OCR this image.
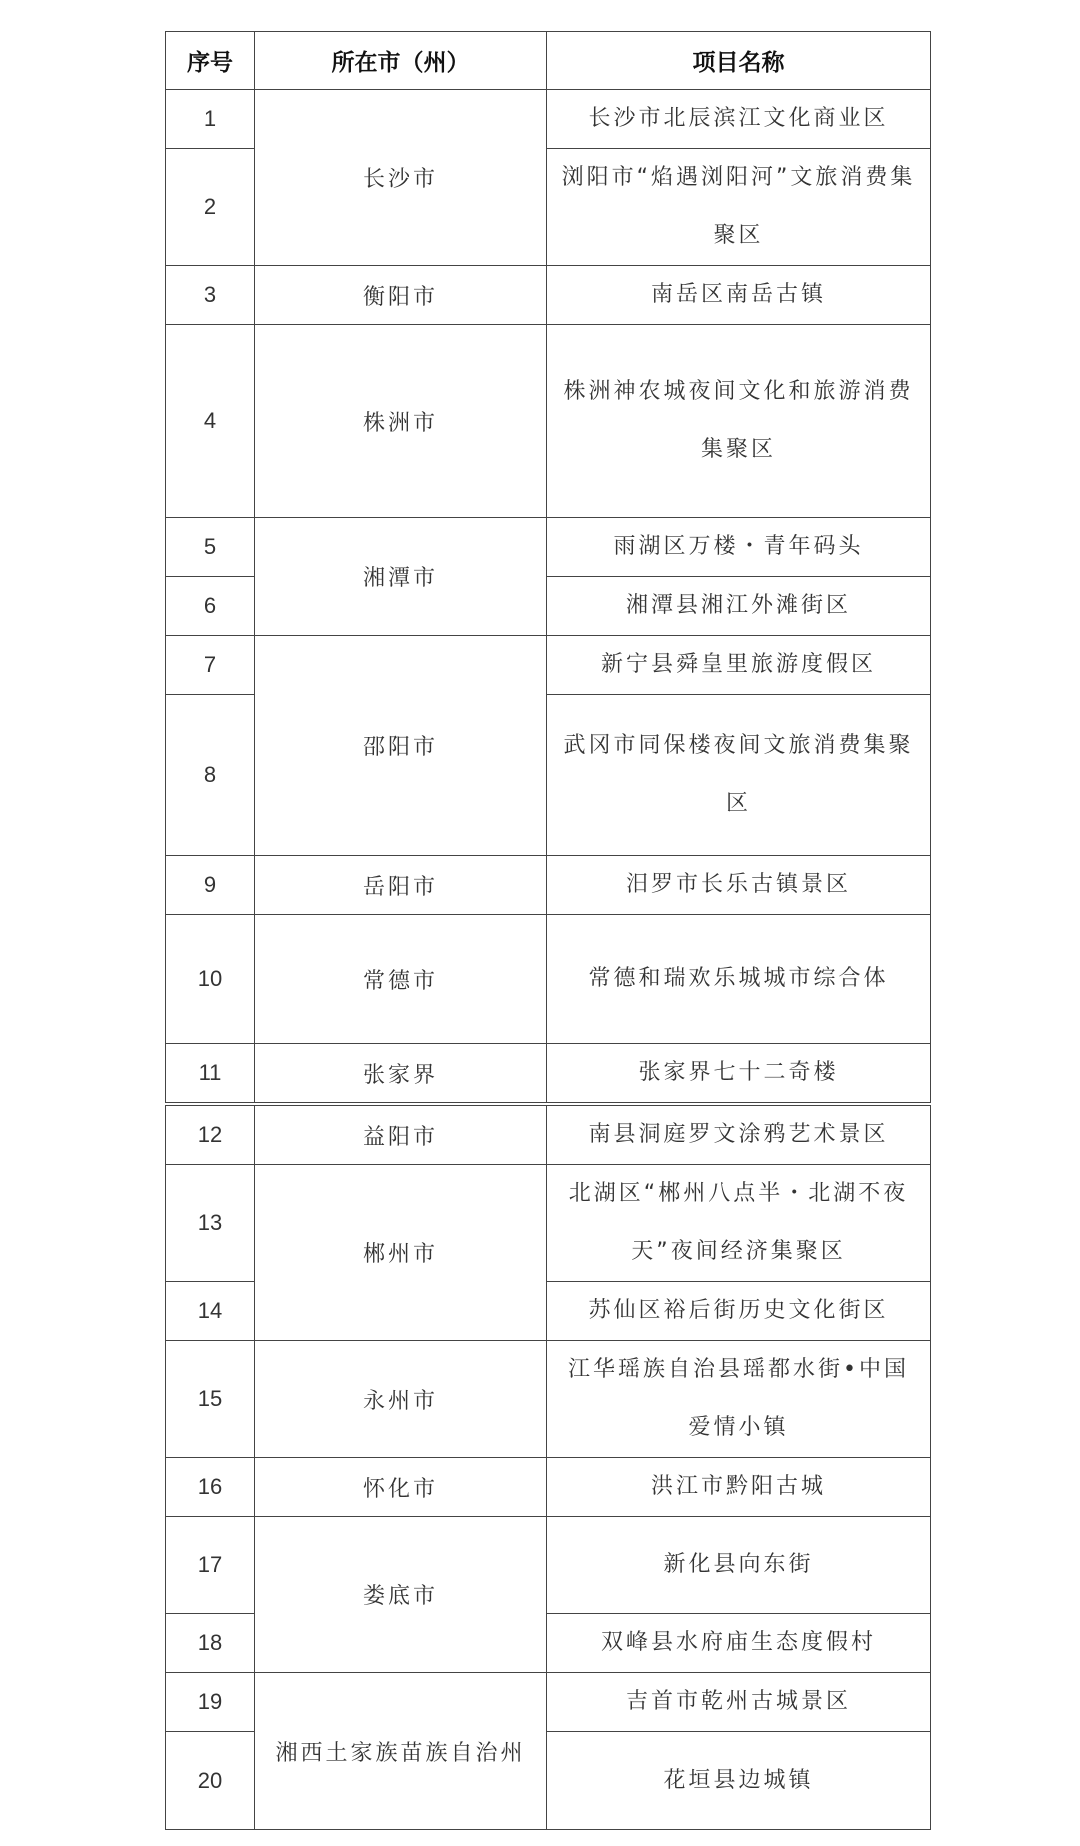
序号	所在市（州）	项目名称
1	长沙市	长沙市北辰滨江文化商业区
2		浏阳市“焰遇浏阳河”文旅消费集聚区
3	衡阳市	南岳区南岳古镇
4	株洲市	株洲神农城夜间文化和旅游消费集聚区
5	湘潭市	雨湖区万楼・青年码头
6		湘潭县湘江外滩街区
7	邵阳市	新宁县舜皇里旅游度假区
8		武冈市同保楼夜间文旅消费集聚区
9	岳阳市	汨罗市长乐古镇景区
10	常德市	常德和瑞欢乐城城市综合体
11	张家界	张家界七十二奇楼
12	益阳市	南县洞庭罗文涂鸦艺术景区
13	郴州市	北湖区“郴州八点半・北湖不夜天”夜间经济集聚区
14		苏仙区裕后街历史文化街区
15	永州市	江华瑶族自治县瑶都水街•中国爱情小镇
16	怀化市	洪江市黔阳古城
17	娄底市	新化县向东街
18		双峰县水府庙生态度假村
19	湘西土家族苗族自治州	吉首市乾州古城景区
20		花垣县边城镇
